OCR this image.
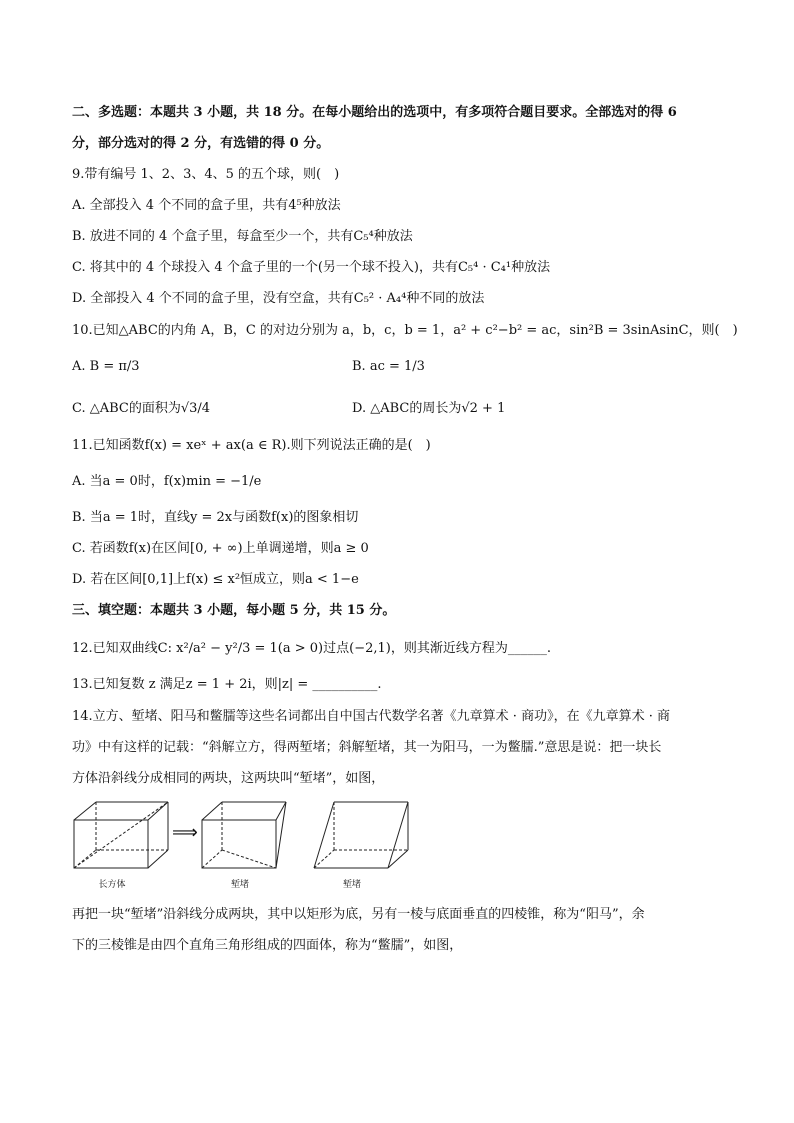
二、多选题：本题共 3 小题，共 18 分。在每小题给出的选项中，有多项符合题目要求。全部选对的得 6
分，部分选对的得 2 分，有选错的得 0 分。
9.带有编号 1、2、3、4、5 的五个球，则(　)
A. 全部投入 4 个不同的盒子里，共有4⁵种放法
B. 放进不同的 4 个盒子里，每盒至少一个，共有C₅⁴种放法
C. 将其中的 4 个球投入 4 个盒子里的一个(另一个球不投入)，共有C₅⁴ · C₄¹种放法
D. 全部投入 4 个不同的盒子里，没有空盒，共有C₅² · A₄⁴种不同的放法
10.已知△ABC的内角 A，B，C 的对边分别为 a，b，c，b = 1，a² + c²−b² = ac，sin²B = 3sinAsinC，则(　)
A. B = π/3	B. ac = 1/3
C. △ABC的面积为√3/4	D. △ABC的周长为√2 + 1
11.已知函数f(x) = xeˣ + ax(a ∈ R).则下列说法正确的是(　)
A. 当a = 0时，f(x)min = −1/e
B. 当a = 1时，直线y = 2x与函数f(x)的图象相切
C. 若函数f(x)在区间[0, + ∞)上单调递增，则a ≥ 0
D. 若在区间[0,1]上f(x) ≤ x²恒成立，则a < 1−e
三、填空题：本题共 3 小题，每小题 5 分，共 15 分。
12.已知双曲线C: x²/a² − y²/3 = 1(a > 0)过点(−2,1)，则其渐近线方程为______.
13.已知复数 z 满足z = 1 + 2i，则|z| = __________.
14.立方、堑堵、阳马和鳖臑等这些名词都出自中国古代数学名著《九章算术 · 商功》，在《九章算术 · 商
功》中有这样的记载：“斜解立方，得两堑堵；斜解堑堵，其一为阳马，一为鳖臑.”意思是说：把一块长
方体沿斜线分成相同的两块，这两块叫“堑堵”，如图，
长方体
⟹
堑堵	堑堵
再把一块“堑堵”沿斜线分成两块，其中以矩形为底，另有一棱与底面垂直的四棱锥，称为“阳马”，余
下的三棱锥是由四个直角三角形组成的四面体，称为“鳖臑”，如图，
